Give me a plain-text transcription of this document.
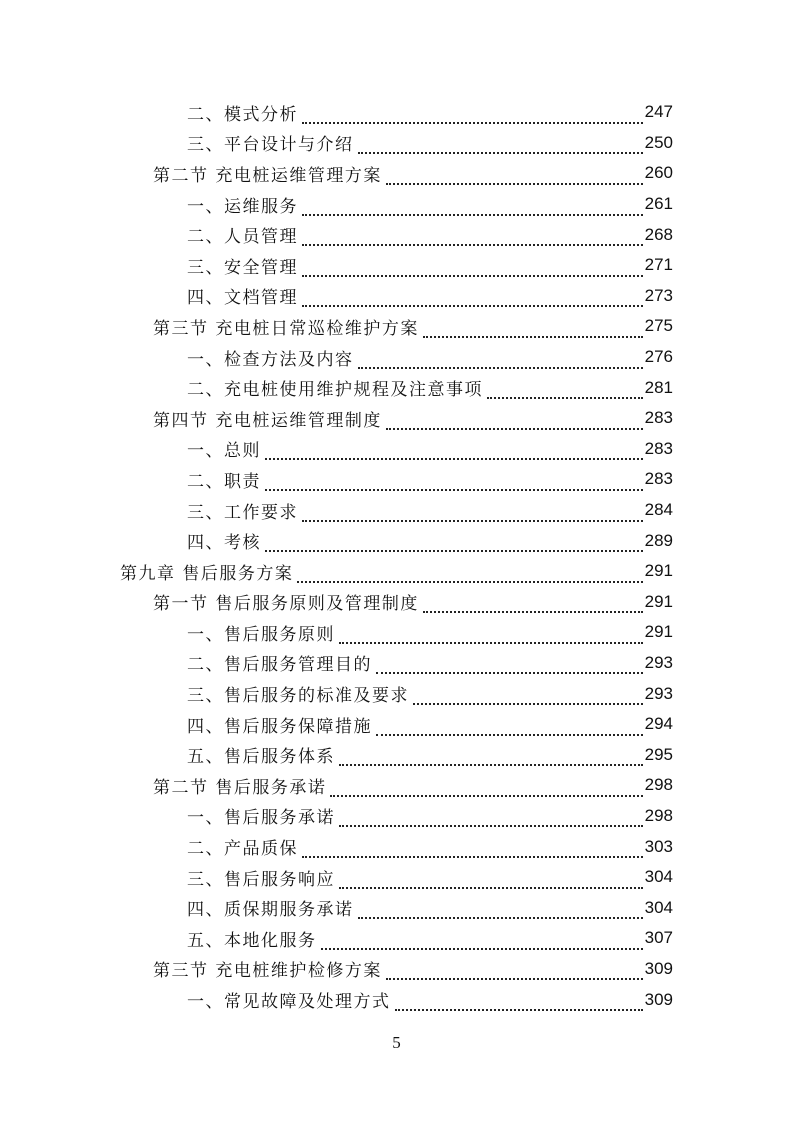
二、模式分析	247
三、平台设计与介绍	250
第二节 充电桩运维管理方案	260
一、运维服务	261
二、人员管理	268
三、安全管理	271
四、文档管理	273
第三节 充电桩日常巡检维护方案	275
一、检查方法及内容	276
二、充电桩使用维护规程及注意事项	281
第四节 充电桩运维管理制度	283
一、总则	283
二、职责	283
三、工作要求	284
四、考核	289
第九章 售后服务方案	291
第一节 售后服务原则及管理制度	291
一、售后服务原则	291
二、售后服务管理目的	293
三、售后服务的标准及要求	293
四、售后服务保障措施	294
五、售后服务体系	295
第二节 售后服务承诺	298
一、售后服务承诺	298
二、产品质保	303
三、售后服务响应	304
四、质保期服务承诺	304
五、本地化服务	307
第三节 充电桩维护检修方案	309
一、常见故障及处理方式	309
5
